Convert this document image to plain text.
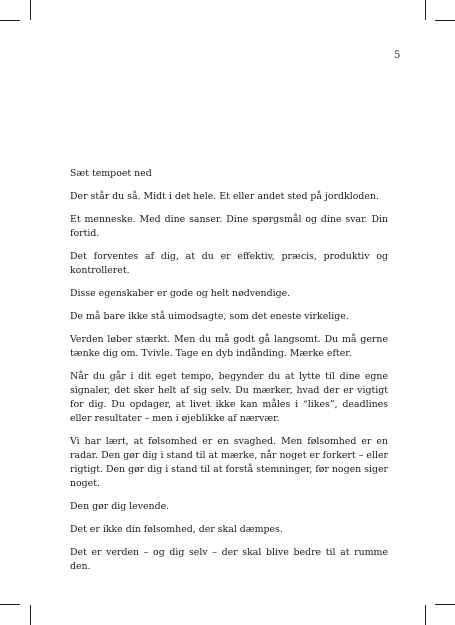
5
Sæt tempoet ned

Der står du så. Midt i det hele. Et eller andet sted på jordkloden.

Et menneske. Med dine sanser. Dine spørgsmål og dine svar. Din fortid.

Det forventes af dig, at du er effektiv, præcis, produktiv og kontrolleret.

Disse egenskaber er gode og helt nødvendige.

De må bare ikke stå uimodsagte, som det eneste virkelige.

Verden løber stærkt. Men du må godt gå langsomt. Du må gerne tænke dig om. Tvivle. Tage en dyb indånding. Mærke efter.

Når du går i dit eget tempo, begynder du at lytte til dine egne signaler, det sker helt af sig selv. Du mærker, hvad der er vigtigt for dig. Du opdager, at livet ikke kan måles i “likes”, deadlines eller resultater – men i øjeblikke af nærvær.

Vi har lært, at følsomhed er en svaghed. Men følsomhed er en radar. Den gør dig i stand til at mærke, når noget er forkert – eller rigtigt. Den gør dig i stand til at forstå stemninger, før nogen siger noget.

Den gør dig levende.

Det er ikke din følsomhed, der skal dæmpes.

Det er verden – og dig selv – der skal blive bedre til at rumme den.
